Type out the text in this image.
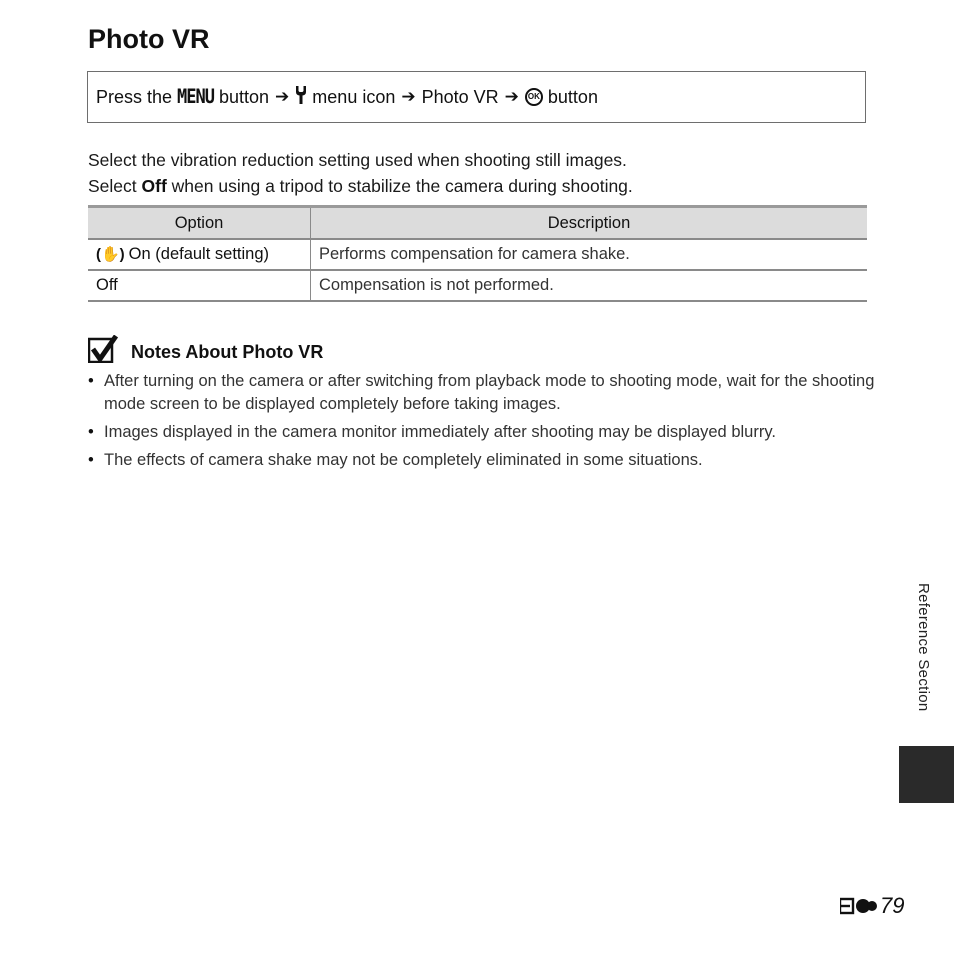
Photo VR
Press the MENU button ➔ menu icon ➔ Photo VR ➔	OK button
Select the vibration reduction setting used when shooting still images.
Select Off when using a tripod to stabilize the camera during shooting.
Option	Description
(✋) On (default setting)	Performs compensation for camera shake.
Off	Compensation is not performed.
Notes About Photo VR
• After turning on the camera or after switching from playback mode to shooting mode, wait for the shooting mode screen to be displayed completely before taking images.
• Images displayed in the camera monitor immediately after shooting may be displayed blurry.
• The effects of camera shake may not be completely eliminated in some situations.
Reference Section
79
